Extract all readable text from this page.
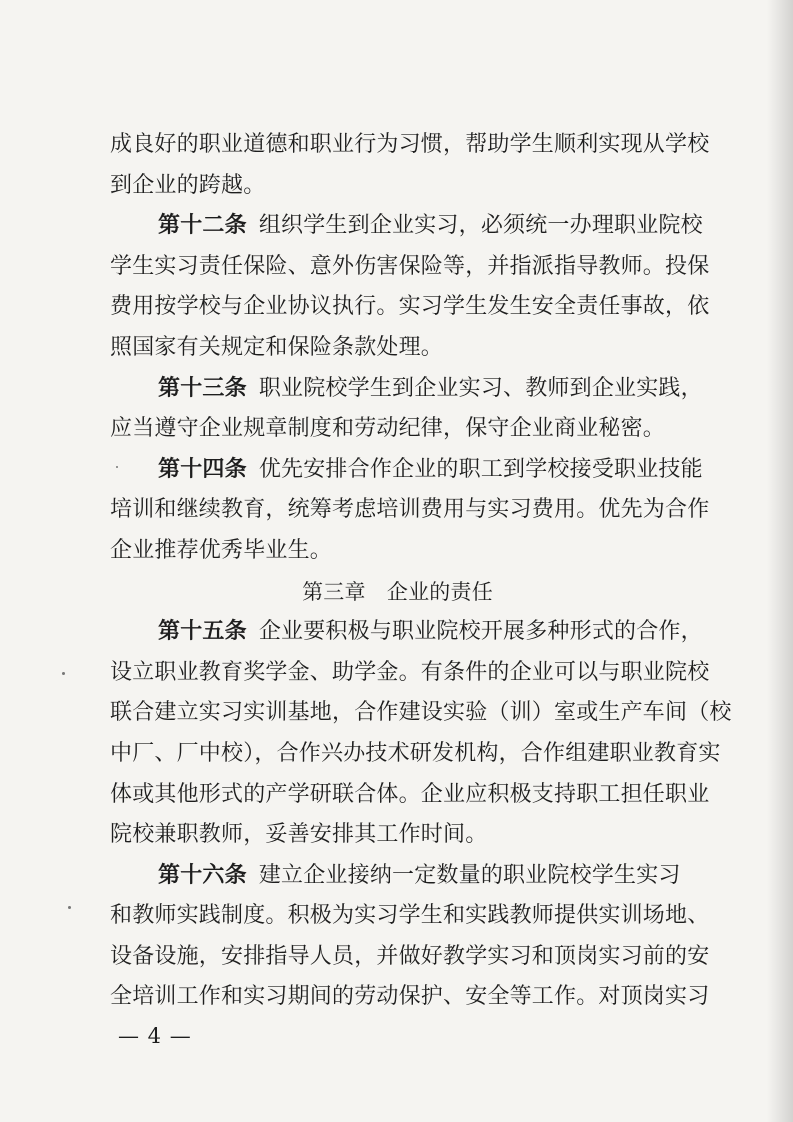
成良好的职业道德和职业行为习惯，帮助学生顺利实现从学校
到企业的跨越。
第十二条 组织学生到企业实习，必须统一办理职业院校
学生实习责任保险、意外伤害保险等，并指派指导教师。投保
费用按学校与企业协议执行。实习学生发生安全责任事故，依
照国家有关规定和保险条款处理。
第十三条 职业院校学生到企业实习、教师到企业实践，
应当遵守企业规章制度和劳动纪律，保守企业商业秘密。
第十四条 优先安排合作企业的职工到学校接受职业技能
培训和继续教育，统筹考虑培训费用与实习费用。优先为合作
企业推荐优秀毕业生。
第三章　企业的责任
第十五条 企业要积极与职业院校开展多种形式的合作，
设立职业教育奖学金、助学金。有条件的企业可以与职业院校
联合建立实习实训基地，合作建设实验（训）室或生产车间（校
中厂、厂中校），合作兴办技术研发机构，合作组建职业教育实
体或其他形式的产学研联合体。企业应积极支持职工担任职业
院校兼职教师，妥善安排其工作时间。
第十六条 建立企业接纳一定数量的职业院校学生实习
和教师实践制度。积极为实习学生和实践教师提供实训场地、
设备设施，安排指导人员，并做好教学实习和顶岗实习前的安
全培训工作和实习期间的劳动保护、安全等工作。对顶岗实习
— 4 —
